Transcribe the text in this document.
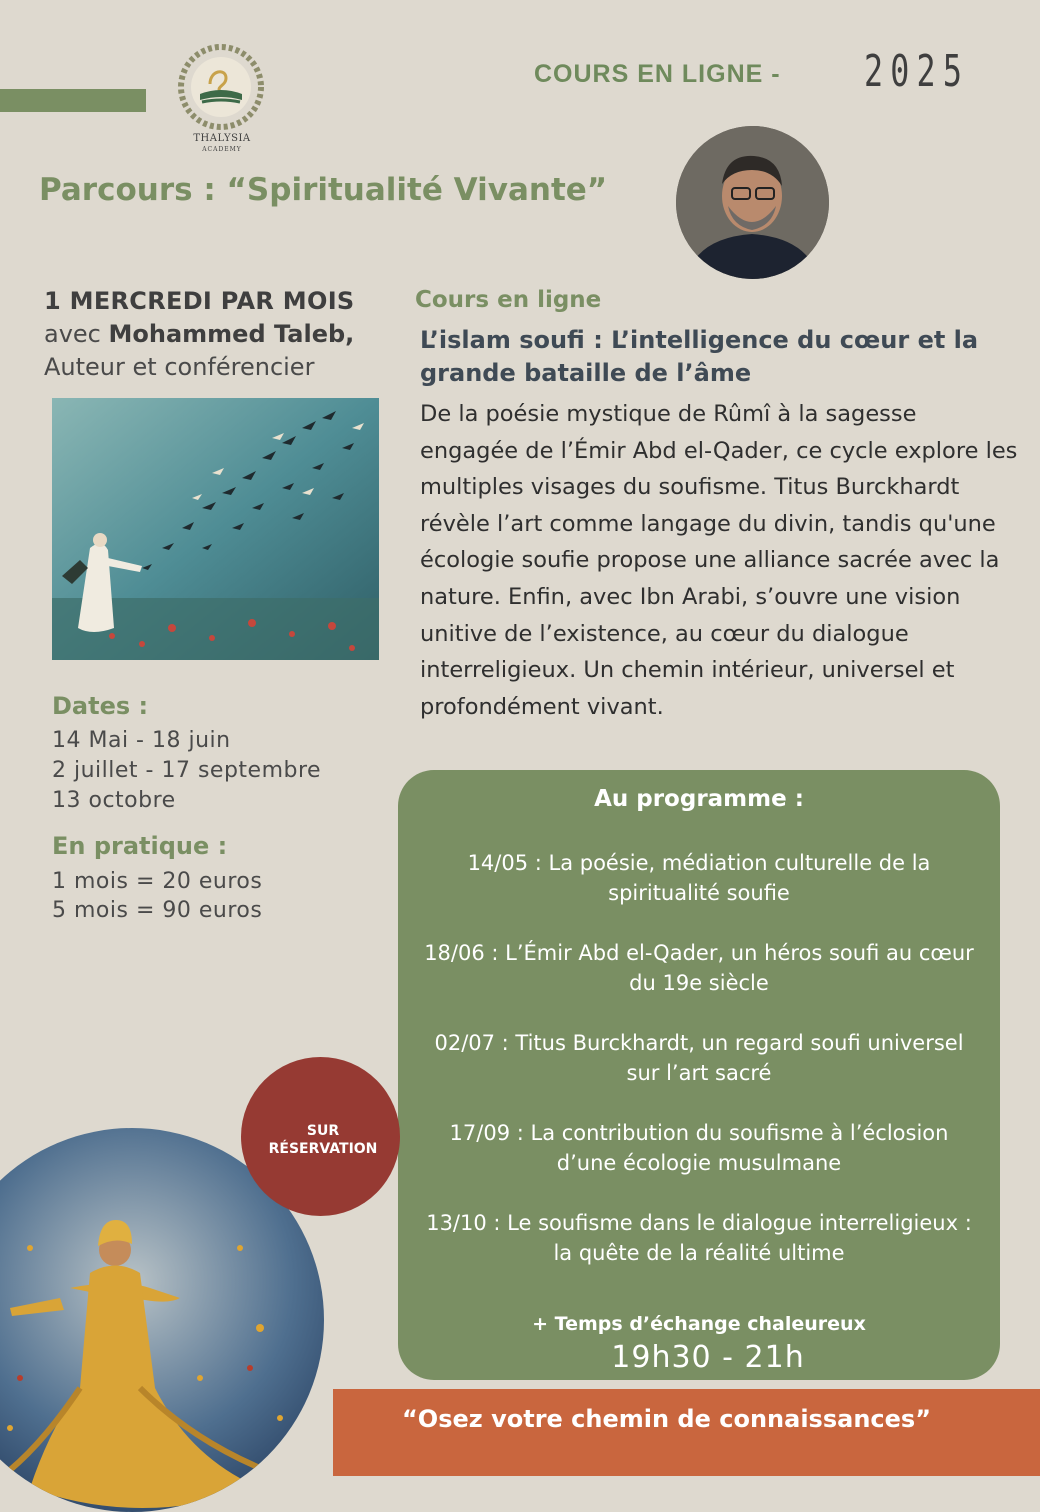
THALYSIA
ACADEMY
COURS EN LIGNE - 2025
Parcours : “Spiritualité Vivante”
1 MERCREDI PAR MOIS
avec Mohammed Taleb,
Auteur et conférencier
Dates :
14 Mai - 18 juin
2 juillet - 17 septembre
13 octobre
En pratique :
1 mois = 20 euros
5 mois = 90 euros
Cours en ligne
L’islam soufi : L’intelligence du cœur et la grande bataille de l’âme
De la poésie mystique de Rûmî à la sagesse engagée de l’Émir Abd el-Qader, ce cycle explore les multiples visages du soufisme. Titus Burckhardt révèle l’art comme langage du divin, tandis qu'une écologie soufie propose une alliance sacrée avec la nature. Enfin, avec Ibn Arabi, s’ouvre une vision unitive de l’existence, au cœur du dialogue interreligieux. Un chemin intérieur, universel et profondément vivant.
Au programme :
14/05 : La poésie, médiation culturelle de la spiritualité soufie
18/06 : L’Émir Abd el-Qader, un héros soufi au cœur du 19e siècle
02/07 : Titus Burckhardt, un regard soufi universel sur l’art sacré
17/09 : La contribution du soufisme à l’éclosion d’une écologie musulmane
13/10 : Le soufisme dans le dialogue interreligieux : la quête de la réalité ultime
+ Temps d’échange chaleureux
19h30 - 21h
SUR
RÉSERVATION
“Osez votre chemin de connaissances”
